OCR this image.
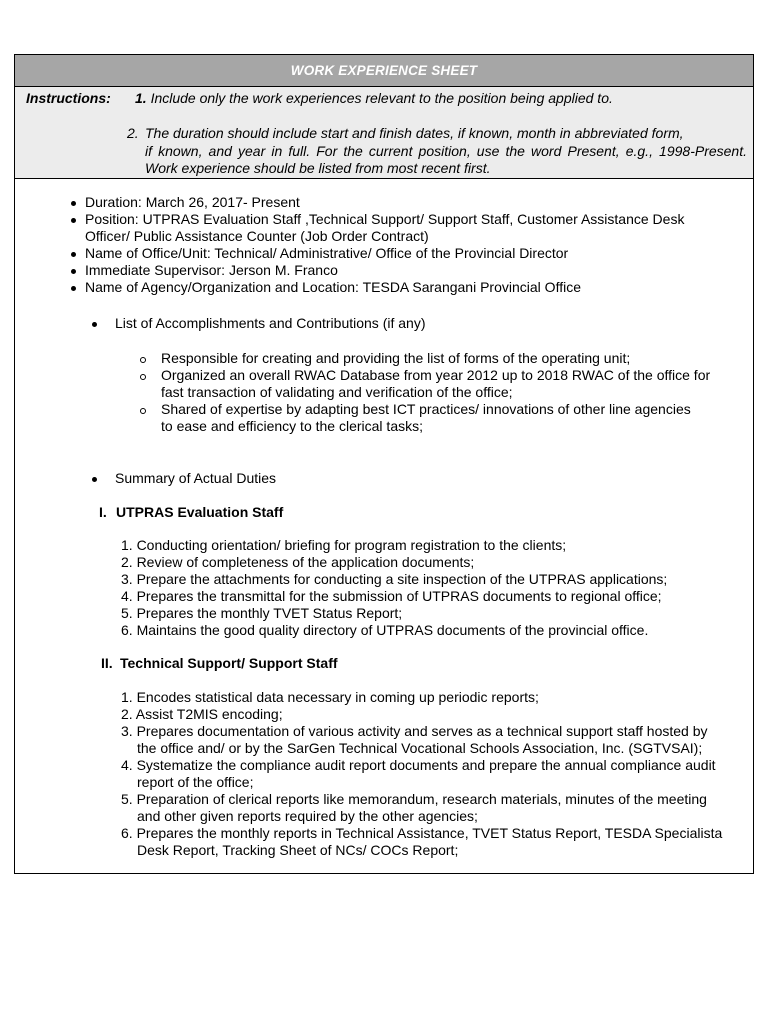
WORK EXPERIENCE SHEET
Instructions: 1. Include only the work experiences relevant to the position being applied to.
2. The duration should include start and finish dates, if known, month in abbreviated form,
if known, and year in full. For the current position, use the word Present, e.g., 1998-Present. Work experience should be listed from most recent first.
Duration: March 26, 2017- Present
Position: UTPRAS Evaluation Staff ,Technical Support/ Support Staff, Customer Assistance Desk
Officer/ Public Assistance Counter (Job Order Contract)
Name of Office/Unit: Technical/ Administrative/ Office of the Provincial Director
Immediate Supervisor: Jerson M. Franco
Name of Agency/Organization and Location: TESDA Sarangani Provincial Office
List of Accomplishments and Contributions (if any)
Responsible for creating and providing the list of forms of the operating unit;
Organized an overall RWAC Database from year 2012 up to 2018 RWAC of the office for fast transaction of validating and verification of the office;
Shared of expertise by adapting best ICT practices/ innovations of other line agencies to ease and efficiency to the clerical tasks;
Summary of Actual Duties
I. UTPRAS Evaluation Staff
1. Conducting orientation/ briefing for program registration to the clients;
2. Review of completeness of the application documents;
3. Prepare the attachments for conducting a site inspection of the UTPRAS applications;
4. Prepares the transmittal for the submission of UTPRAS documents to regional office;
5. Prepares the monthly TVET Status Report;
6. Maintains the good quality directory of UTPRAS documents of the provincial office.
II. Technical Support/ Support Staff
1. Encodes statistical data necessary in coming up periodic reports;
2. Assist T2MIS encoding;
3. Prepares documentation of various activity and serves as a technical support staff hosted by the office and/ or by the SarGen Technical Vocational Schools Association, Inc. (SGTVSAI);
4. Systematize the compliance audit report documents and prepare the annual compliance audit report of the office;
5. Preparation of clerical reports like memorandum, research materials, minutes of the meeting and other given reports required by the other agencies;
6. Prepares the monthly reports in Technical Assistance, TVET Status Report, TESDA Specialista Desk Report, Tracking Sheet of NCs/ COCs Report;
